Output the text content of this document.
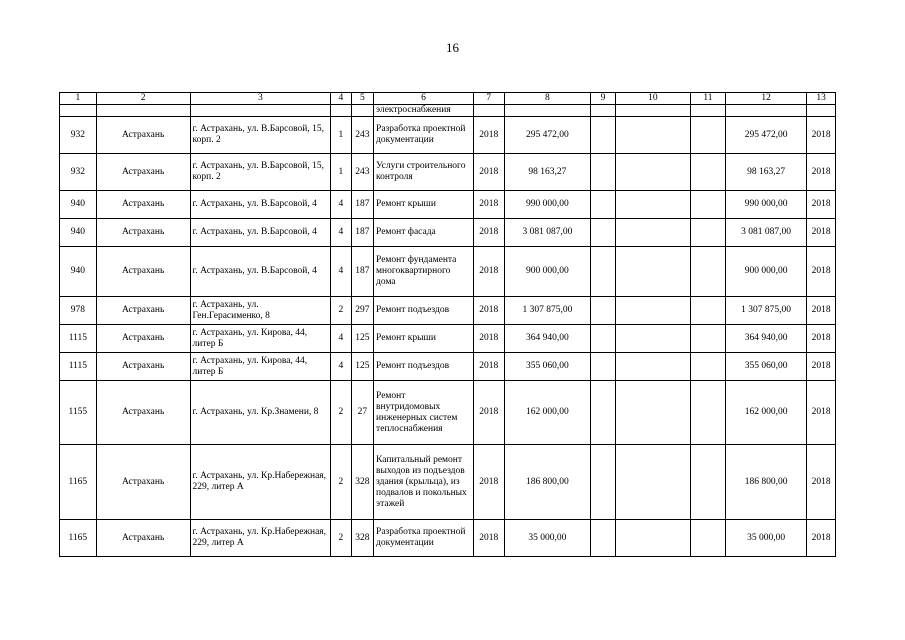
16
1	2	3	4	5	6	7	8	9	10	11	12	13
					электроснабжения							
932	Астрахань	г. Астрахань, ул. В.Барсовой, 15, корп. 2	1	243	Разработка проектной документации	2018	295 472,00				295 472,00	2018
932	Астрахань	г. Астрахань, ул. В.Барсовой, 15, корп. 2	1	243	Услуги строительного контроля	2018	98 163,27				98 163,27	2018
940	Астрахань	г. Астрахань, ул. В.Барсовой, 4	4	187	Ремонт крыши	2018	990 000,00				990 000,00	2018
940	Астрахань	г. Астрахань, ул. В.Барсовой, 4	4	187	Ремонт фасада	2018	3 081 087,00				3 081 087,00	2018
940	Астрахань	г. Астрахань, ул. В.Барсовой, 4	4	187	Ремонт фундамента многоквартирного дома	2018	900 000,00				900 000,00	2018
978	Астрахань	г. Астрахань, ул. Ген.Герасименко, 8	2	297	Ремонт подъездов	2018	1 307 875,00				1 307 875,00	2018
1115	Астрахань	г. Астрахань, ул. Кирова, 44, литер Б	4	125	Ремонт крыши	2018	364 940,00				364 940,00	2018
1115	Астрахань	г. Астрахань, ул. Кирова, 44, литер Б	4	125	Ремонт подъездов	2018	355 060,00				355 060,00	2018
1155	Астрахань	г. Астрахань, ул. Кр.Знамени, 8	2	27	Ремонт внутридомовых инженерных систем теплоснабжения	2018	162 000,00				162 000,00	2018
1165	Астрахань	г. Астрахань, ул. Кр.Набережная, 229, литер А	2	328	Капитальный ремонт выходов из подъездов здания (крыльца), из подвалов и покольных этажей	2018	186 800,00				186 800,00	2018
1165	Астрахань	г. Астрахань, ул. Кр.Набережная, 229, литер А	2	328	Разработка проектной документации	2018	35 000,00				35 000,00	2018
